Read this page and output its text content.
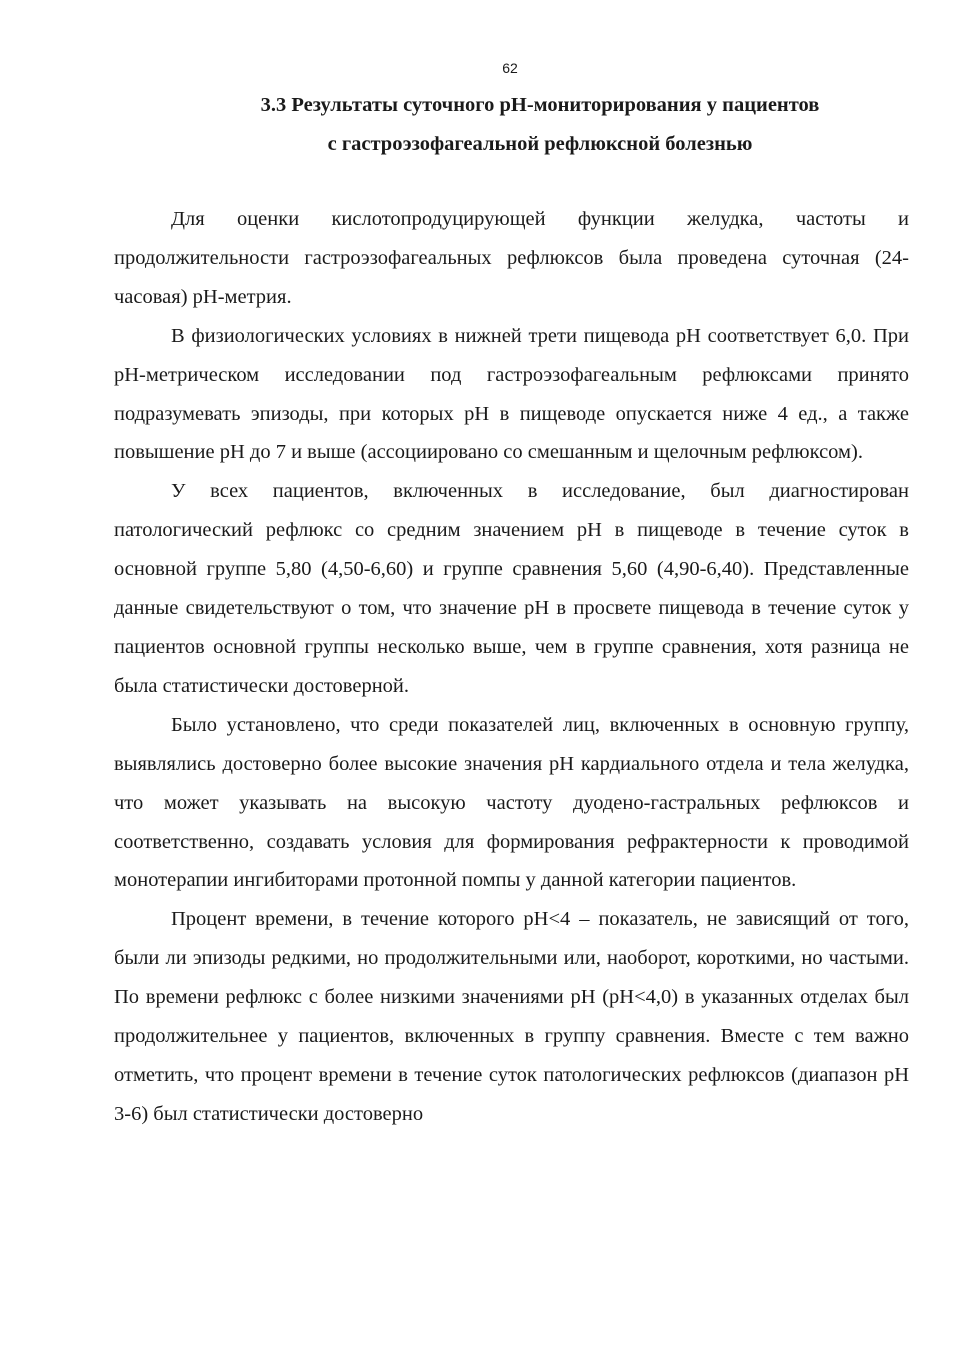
62
3.3 Результаты суточного рН-мониторирования у пациентов
с гастроэзофагеальной рефлюксной болезнью

Для оценки кислотопродуцирующей функции желудка, частоты и продолжительности гастроэзофагеальных рефлюксов была проведена суточная (24-часовая) рН-метрия.

В физиологических условиях в нижней трети пищевода рН соответствует 6,0. При рН-метрическом исследовании под гастроэзофагеальным рефлюксами принято подразумевать эпизоды, при которых рН в пищеводе опускается ниже 4 ед., а также повышение рН до 7 и выше (ассоциировано со смешанным и щелочным рефлюксом).

У всех пациентов, включенных в исследование, был диагностирован патологический рефлюкс со средним значением рН в пищеводе в течение суток в основной группе 5,80 (4,50-6,60) и группе сравнения 5,60 (4,90-6,40). Представленные данные свидетельствуют о том, что значение рН в просвете пищевода в течение суток у пациентов основной группы несколько выше, чем в группе сравнения, хотя разница не была статистически достоверной.

Было установлено, что среди показателей лиц, включенных в основную группу, выявлялись достоверно более высокие значения рН кардиального отдела и тела желудка, что может указывать на высокую частоту дуодено-гастральных рефлюксов и соответственно, создавать условия для формирования рефрактерности к проводимой монотерапии ингибиторами протонной помпы у данной категории пациентов.

Процент времени, в течение которого рН<4 – показатель, не зависящий от того, были ли эпизоды редкими, но продолжительными или, наоборот, короткими, но частыми. По времени рефлюкс с более низкими значениями рН (рН<4,0) в указанных отделах был продолжительнее у пациентов, включенных в группу сравнения. Вместе с тем важно отметить, что процент времени в течение суток патологических рефлюксов (диапазон рН 3-6) был статистически достоверно
